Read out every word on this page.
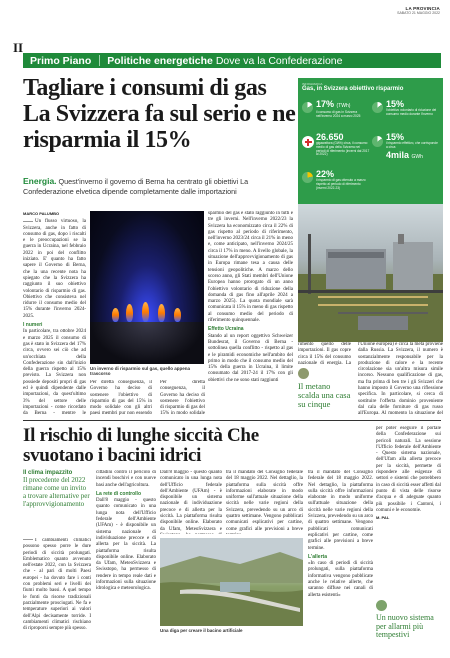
LA PROVINCIA
SABATO 21 MAGGIO 2022
II
Primo Piano	Politiche energetiche Dove va la Confederazione
Tagliare i consumi di gas La Svizzera fa sul serio e ne risparmia il 15%
Energia. Quest'inverno il governo di Berna ha centrato gli obiettivi La Confederazione elvetica dipende completamente dalle importazioni
INFOGRAFICA
Gas, in Svizzera obiettivo risparmio
17% (TWh)
il consumo di gas in Svizzera nell'inverno 2024 a marzo 2025
15%
l'obiettivo volontario di riduzione del consumo medio durante l'inverno
26.650
gigawattora (GWh) circa, il consumo medio di gas della Svizzera nei periodi di riferimento (inverni dal 2017 al 2022)
15%
il risparmio effettivo, che corrisponde a circa
4mila GWh
22%
il risparmio di gas ottenuto a marzo rispetto al periodo di riferimento (inverni 2022-23)
Un inverno di risparmio sul gas, quello appena trascorso
MARCO PALUMBO

Un flusso virtuoso, la Svizzera, anche in fatto di consumo di gas, dopo i riscalti e le preoccupazioni se la guerra in Ucraina, nel febbraio 2022 in poi del conflitto iniziato. E' quanto ha fatto sapere il Governo di Berna, che la una recente nota ha spiegato che la Svizzera ha raggiunto il suo obiettivo volontario di risparmio di gas. Obiettivo che consisteva nel ridurre il consumo medio del 15% durante l'inverno 2024-2025.

I numeri

In particolare, tra ottobre 2024 e marzo 2025 il consumo di gas è stato in Svizzera del 17% circa, ovvero sei ciò che ad un'occhiata della Confederazione sin dall'inizio della guerra rispetto al 15% previsto. La Svizzera non possiede depositi propri di gas ed è quindi dipendente dalle importazioni, da quest'ultimo 3% del settore delle importazioni - come ricordato da Berna - mentre le

Per diretta conseguenza, il Governo ha deciso di sostenere l'obiettivo di risparmio di gas del 15% in modo solidale con gli altri paesi membri pur non essendo

Per diretta conseguenza, il Governo ha deciso di sostenere l'obiettivo di risparmio di gas del 15% in modo solidale

sparmio del gas è stato raggiunto in tutti e tre gli inverni. Nell'inverno 2022/23 la Svizzera ha economizzato circa il 22% di gas rispetto al periodo di riferimento, nell'inverno 2023/24 circa il 21% in meno e, come anticipato, nell'inverno 2024/25 circa il 17% in meno. A livello globale, la situazione dell'approvvigionamento di gas in Europa rimane tesa a causa delle tensioni geopolitiche. A marzo dello scorso anno, gli Stati membri dell'Unione Europea hanno prorogato di un anno l'obiettivo volontario di riduzione della domanda di gas fino all'aprile 2024 a marzo 2025). La quota mondiale sarà comunicata il 15% in meno di gas rispetto al consumo medio del periodo di riferimento quinquennale.

Effetto Ucraina

Stando al un report oggettivo Schweizer Bundesrat, il Governo di Berna - sottolinea quella conflitto - rispetto al gas e le piramidi economiche nell'ambito del primo in modo che il consumo medio del 15% della guerra in Ucraina, il limite consumato dal 2017-24 il 17% con gli obiettivi che ne sono stati raggiunti

rimento quello delle importazioni. Il gas copre circa il 15% del consumo nazionale di energia. La

Il metano scalda una casa su cinque

l'Unione europea) e circa la metà proviene dalla Russia. La Svizzera, il numero è sostanzialmente responsabile per la produzione di calore e la recente circolazione sia un'altra misura simile incorso. Nessuno qualificazione di gas, ma fra prima di ben tre i gli Svizzeri che hanno imposto il Governo una riflessione specifica. In particolare, si cerca di sostituire l'offerta dominio proveniente dal cala delle forniture di gas russo all'Europa. Al momento la situazione del

Il rischio di lunghe siccità Che svuotano i bacini idrici
Il clima impazzito
Il precedente del 2022 rimane come un invito a trovare alternative per l'approvvigionamento

I cambiamenti climatici possono spesso porre le dure periodi di siccità prolungati. Emblematico quanto avvenuto nell'estate 2022, con la Svizzera che - al pari di molti Paesi europei - ha dovuto fare i conti con problemi seri e livelli dei fiumi molto bassi. A quel tempo le fonti da risorse tradizionali parzialmente prosciugati. Ne fa e temperature superiori ai valori dell'Alpi decisamente torride. I cambiamenti climatici rischiano di riproporsi sempre più spesso.

cittadini contro il pericolo di incendi boschivi e con nuove basi anche dell'agricoltura.

La rete di controllo

Dall'8 maggio - questo quanto comunicato in una lunga nota dell'Ufficio federale dell'Ambiente (UFAm) - è disponibile un sistema nazionale di individuazione precoce e di allerta per la siccità. La piattaforma risulta disponibile online. Elaborato da Ufam, MeteoSvizzera e Swisstopo, ha permesso di rendere in tempo reale dati e informazioni sulla situazione idrologica e meteorologica.

Dall'8 maggio - questo quanto comunicato in una lunga nota dell'Ufficio federale dell'Ambiente (UFAm) - è disponibile un sistema nazionale di individuazione precoce e di allerta per la siccità. La piattaforma risulta disponibile online. Elaborato da Ufam, MeteoSvizzera e

Una diga per creare il bacino artificiale

tra il mandato del Consiglio federale del 18 maggio 2022. Nel dettaglio, la piattaforma sulla siccità offre informazioni elaborate in modo uniforme sull'attuale situazione della siccità nelle varie regioni della Svizzera, prevedendo su un arco di quattro settimane. Vengono pubblicati comunicati esplicativi per cartine, come grafici alle previsioni a breve

tra il mandato del Consiglio federale del 18 maggio 2022. Nel dettaglio, la piattaforma sulla siccità offre informazioni elaborate in modo uniforme sull'attuale situazione della siccità nelle varie regioni della Svizzera, prevedendo su un arco di quattro settimane. Vengono pubblicati comunicati esplicativi per cartine, come grafici alle previsioni a breve termine.

L'allerta

«In caso di periodi di siccità prolungati, sulla piattaforma informativa vengono pubblicate anche le relative allerte, che saranno diffuse nei canali di allerta esistenti»

per poter eseguire il portale della Confederazione sui pericoli naturali. La sessione l'Ufficio federale dell'Ambiente - Questo sistema nazionale, dell'Ufam alla allerta precoce per la siccità, permette di rispondere alle esigenze di settori e sistemi che potrebbero in caso di siccità esser affetti dal punto di vista delle risorse d'acqua e di adeguate quanto più possibile i Cantoni, i comuni e le economie.

M. PAL

Un nuovo sistema per allarmi più tempestivi
